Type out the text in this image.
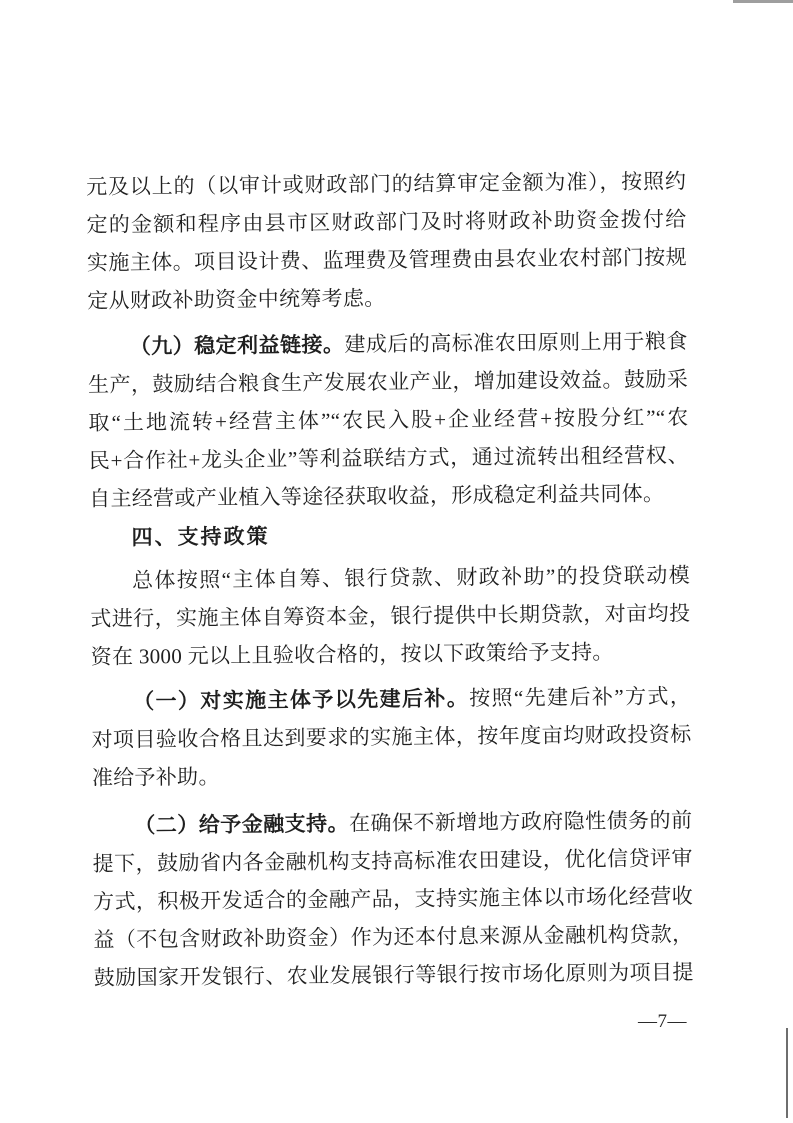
元及以上的（以审计或财政部门的结算审定金额为准），按照约
定的金额和程序由县市区财政部门及时将财政补助资金拨付给
实施主体。项目设计费、监理费及管理费由县农业农村部门按规
定从财政补助资金中统筹考虑。
（九）稳定利益链接。建成后的高标准农田原则上用于粮食
生产，鼓励结合粮食生产发展农业产业，增加建设效益。鼓励采
取“土地流转+经营主体”“农民入股+企业经营+按股分红”“农
民+合作社+龙头企业”等利益联结方式，通过流转出租经营权、
自主经营或产业植入等途径获取收益，形成稳定利益共同体。
四、支持政策
总体按照“主体自筹、银行贷款、财政补助”的投贷联动模
式进行，实施主体自筹资本金，银行提供中长期贷款，对亩均投
资在 3000 元以上且验收合格的，按以下政策给予支持。
（一）对实施主体予以先建后补。按照“先建后补”方式，
对项目验收合格且达到要求的实施主体，按年度亩均财政投资标
准给予补助。
（二）给予金融支持。在确保不新增地方政府隐性债务的前
提下，鼓励省内各金融机构支持高标准农田建设，优化信贷评审
方式，积极开发适合的金融产品，支持实施主体以市场化经营收
益（不包含财政补助资金）作为还本付息来源从金融机构贷款，
鼓励国家开发银行、农业发展银行等银行按市场化原则为项目提
—7—
